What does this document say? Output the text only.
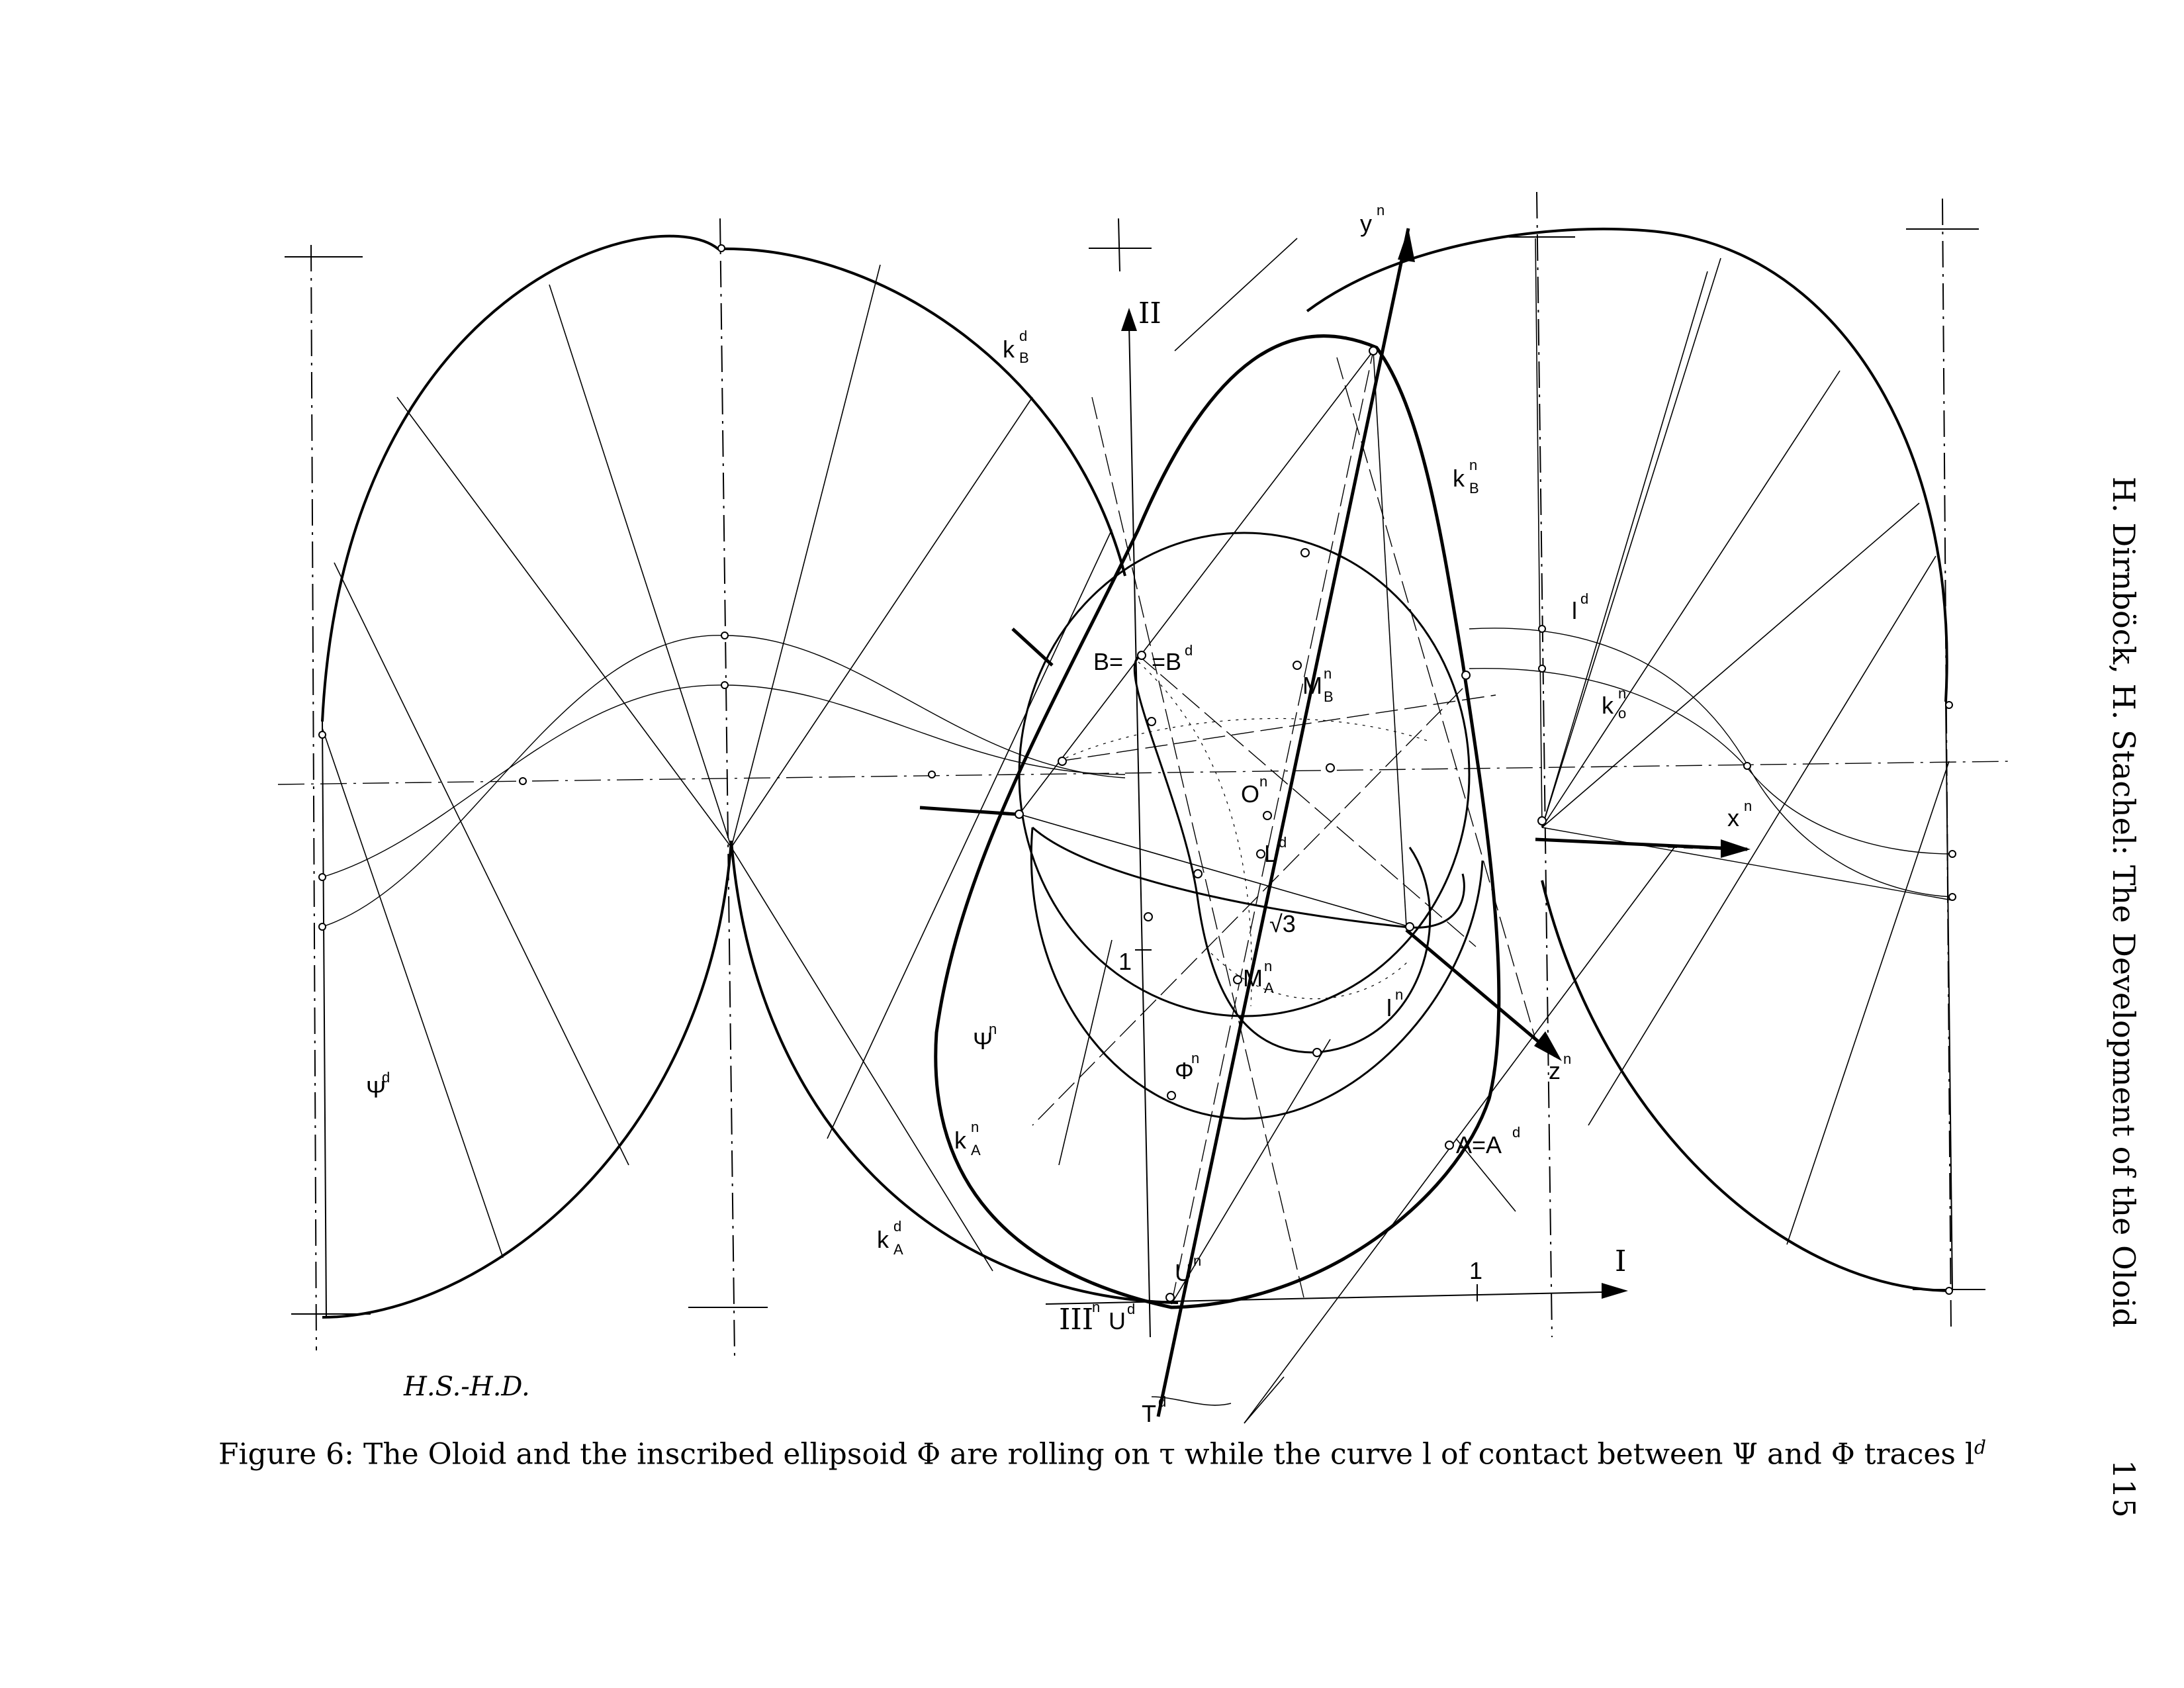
k d
B
k n
B
l d
k n
o
y n
x n
z n
O n
L d
M n
B
M n
A
B= =B d
A=A d
√3
1
l n
Ψ
n
Φ
n
Ψ
d
k n
A
k d
A
U n
III
n
U d
T d
II
I
1
H.S.-H.D.
Figure 6: The Oloid and the inscribed ellipsoid Φ are rolling on τ while the curve l of contact between Ψ and Φ traces $l^d$
H. Dirnböck, H. Stachel: The Development of the Oloid
115
